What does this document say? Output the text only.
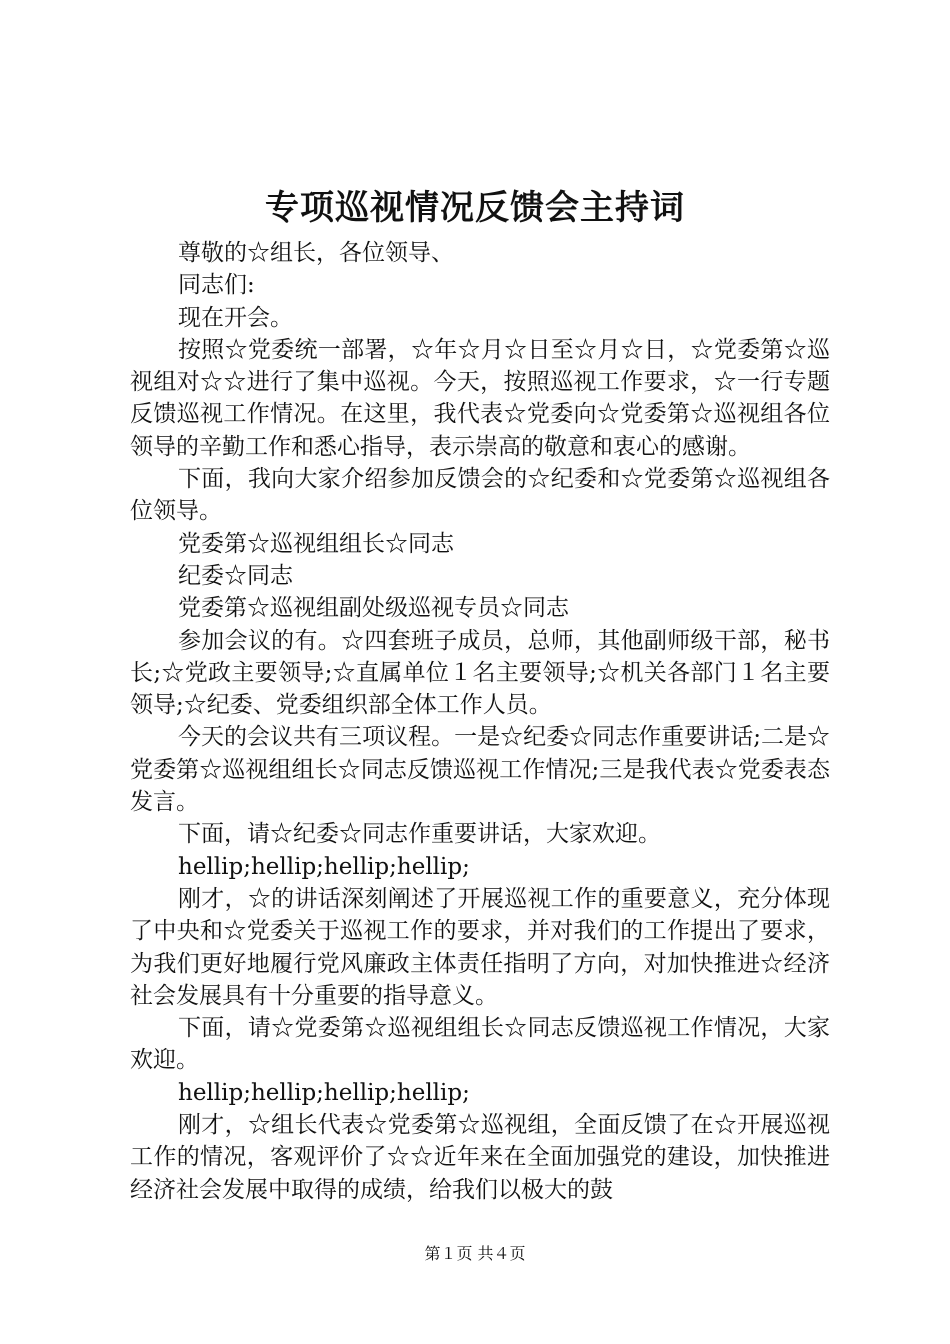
专项巡视情况反馈会主持词

尊敬的☆组长，各位领导、

同志们:

现在开会。

按照☆党委统一部署，☆年☆月☆日至☆月☆日，☆党委第☆巡视组对☆☆进行了集中巡视。今天，按照巡视工作要求，☆一行专题反馈巡视工作情况。在这里，我代表☆党委向☆党委第☆巡视组各位领导的辛勤工作和悉心指导，表示崇高的敬意和衷心的感谢。

下面，我向大家介绍参加反馈会的☆纪委和☆党委第☆巡视组各位领导。

党委第☆巡视组组长☆同志

纪委☆同志

党委第☆巡视组副处级巡视专员☆同志

参加会议的有。☆四套班子成员，总师，其他副师级干部，秘书长;☆党政主要领导;☆直属单位１名主要领导;☆机关各部门１名主要领导;☆纪委、党委组织部全体工作人员。

今天的会议共有三项议程。一是☆纪委☆同志作重要讲话;二是☆党委第☆巡视组组长☆同志反馈巡视工作情况;三是我代表☆党委表态发言。

下面，请☆纪委☆同志作重要讲话，大家欢迎。

hellip;hellip;hellip;hellip;

刚才，☆的讲话深刻阐述了开展巡视工作的重要意义，充分体现了中央和☆党委关于巡视工作的要求，并对我们的工作提出了要求，为我们更好地履行党风廉政主体责任指明了方向，对加快推进☆经济社会发展具有十分重要的指导意义。

下面，请☆党委第☆巡视组组长☆同志反馈巡视工作情况，大家欢迎。

hellip;hellip;hellip;hellip;

刚才，☆组长代表☆党委第☆巡视组，全面反馈了在☆开展巡视工作的情况，客观评价了☆☆近年来在全面加强党的建设，加快推进经济社会发展中取得的成绩，给我们以极大的鼓

第１页 共４页
